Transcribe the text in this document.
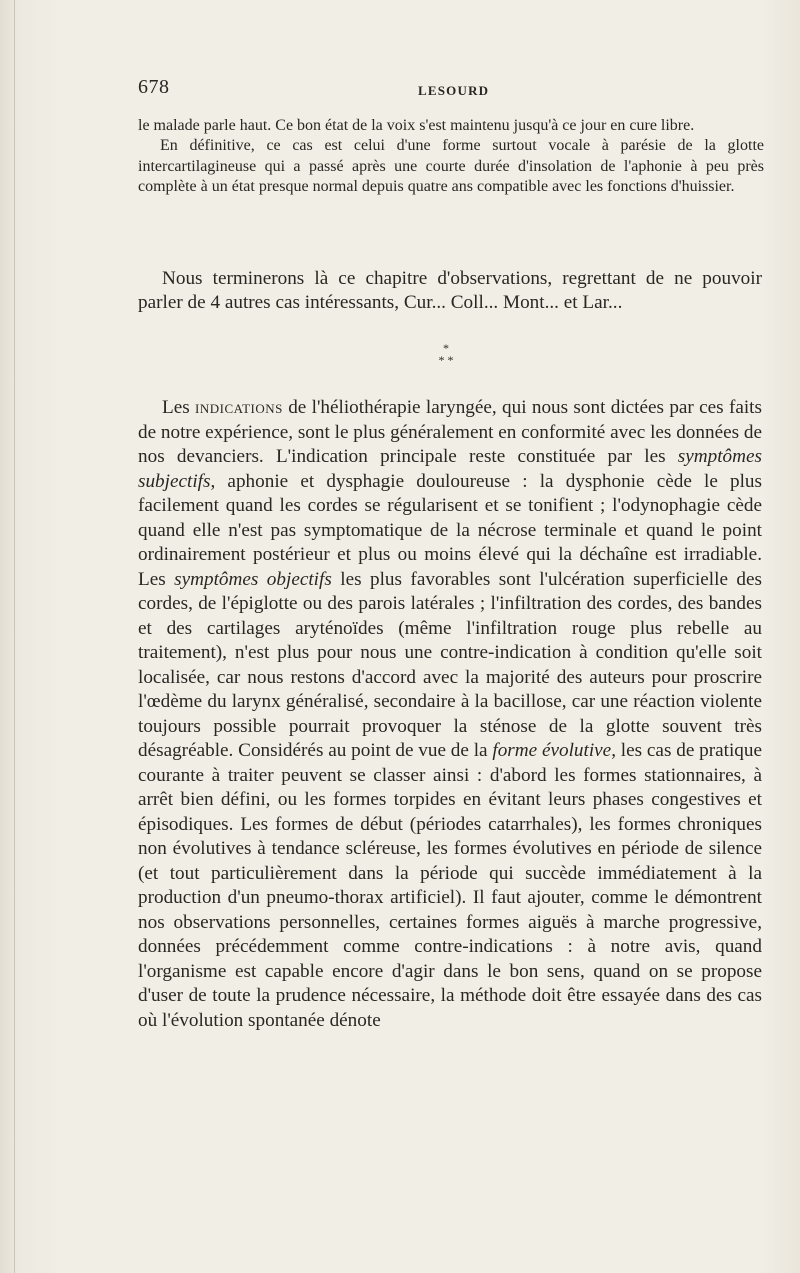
678	LESOURD

le malade parle haut. Ce bon état de la voix s'est maintenu jusqu'à ce jour en cure libre.

En définitive, ce cas est celui d'une forme surtout vocale à parésie de la glotte intercartilagineuse qui a passé après une courte durée d'insolation de l'aphonie à peu près complète à un état presque normal depuis quatre ans compatible avec les fonctions d'huissier.

Nous terminerons là ce chapitre d'observations, regrettant de ne pouvoir parler de 4 autres cas intéressants, Cur... Coll... Mont... et Lar...

*
* *

Les indications de l'héliothérapie laryngée, qui nous sont dictées par ces faits de notre expérience, sont le plus généralement en conformité avec les données de nos devanciers. L'indication principale reste constituée par les symptômes subjectifs, aphonie et dysphagie douloureuse : la dysphonie cède le plus facilement quand les cordes se régularisent et se tonifient ; l'odynophagie cède quand elle n'est pas symptomatique de la nécrose terminale et quand le point ordinairement postérieur et plus ou moins élevé qui la déchaîne est irradiable. Les symptômes objectifs les plus favorables sont l'ulcération superficielle des cordes, de l'épiglotte ou des parois latérales ; l'infiltration des cordes, des bandes et des cartilages aryténoïdes (même l'infiltration rouge plus rebelle au traitement), n'est plus pour nous une contre-indication à condition qu'elle soit localisée, car nous restons d'accord avec la majorité des auteurs pour proscrire l'œdème du larynx généralisé, secondaire à la bacillose, car une réaction violente toujours possible pourrait provoquer la sténose de la glotte souvent très désagréable. Considérés au point de vue de la forme évolutive, les cas de pratique courante à traiter peuvent se classer ainsi : d'abord les formes stationnaires, à arrêt bien défini, ou les formes torpides en évitant leurs phases congestives et épisodiques. Les formes de début (périodes catarrhales), les formes chroniques non évolutives à tendance scléreuse, les formes évolutives en période de silence (et tout particulièrement dans la période qui succède immédiatement à la production d'un pneumo-thorax artificiel). Il faut ajouter, comme le démontrent nos observations personnelles, certaines formes aiguës à marche progressive, données précédemment comme contre-indications : à notre avis, quand l'organisme est capable encore d'agir dans le bon sens, quand on se propose d'user de toute la prudence nécessaire, la méthode doit être essayée dans des cas où l'évolution spontanée dénote
